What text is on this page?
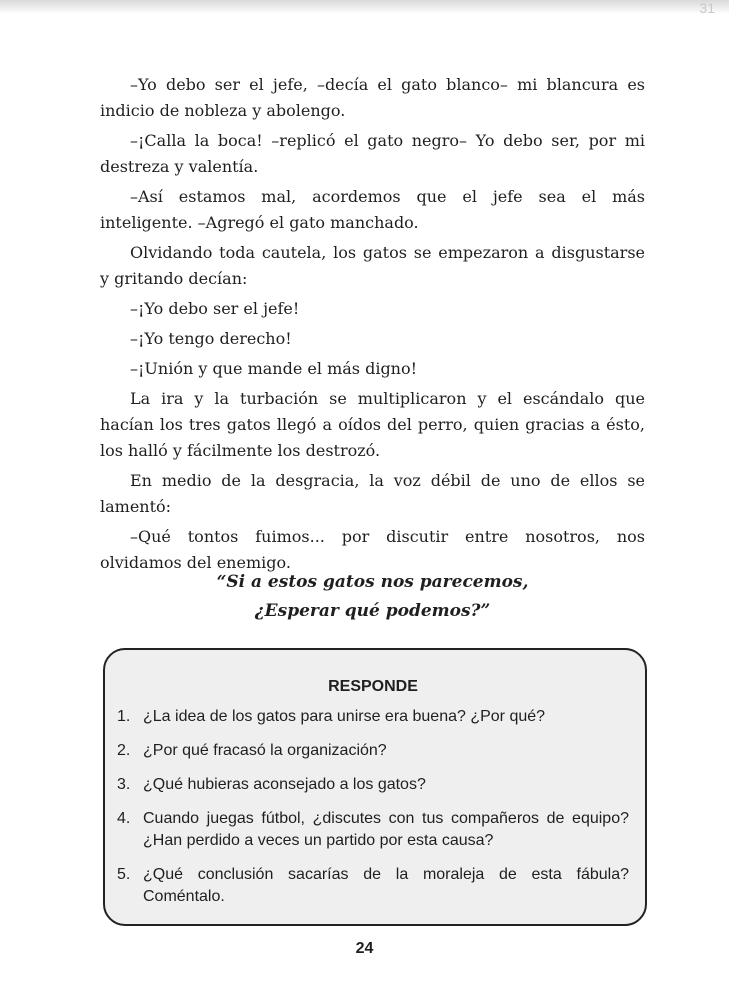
31

–Yo debo ser el jefe, –decía el gato blanco– mi blancura es indicio de nobleza y abolengo.

–¡Calla la boca! –replicó el gato negro– Yo debo ser, por mi destreza y valentía.

–Así estamos mal, acordemos que el jefe sea el más inteligente. –Agregó el gato manchado.

Olvidando toda cautela, los gatos se empezaron a disgustarse y gritando decían:

–¡Yo debo ser el jefe!

–¡Yo tengo derecho!

–¡Unión y que mande el más digno!

La ira y la turbación se multiplicaron y el escándalo que hacían los tres gatos llegó a oídos del perro, quien gracias a ésto, los halló y fácilmente los destrozó.

En medio de la desgracia, la voz débil de uno de ellos se lamentó:

–Qué tontos fuimos... por discutir entre nosotros, nos olvidamos del enemigo.

“Si a estos gatos nos parecemos,
¿Esperar qué podemos?”
RESPONDE
1. ¿La idea de los gatos para unirse era buena? ¿Por qué?
2. ¿Por qué fracasó la organización?
3. ¿Qué hubieras aconsejado a los gatos?
4. Cuando juegas fútbol, ¿discutes con tus compañeros de equipo? ¿Han perdido a veces un partido por esta causa?
5. ¿Qué conclusión sacarías de la moraleja de esta fábula? Coméntalo.
24
